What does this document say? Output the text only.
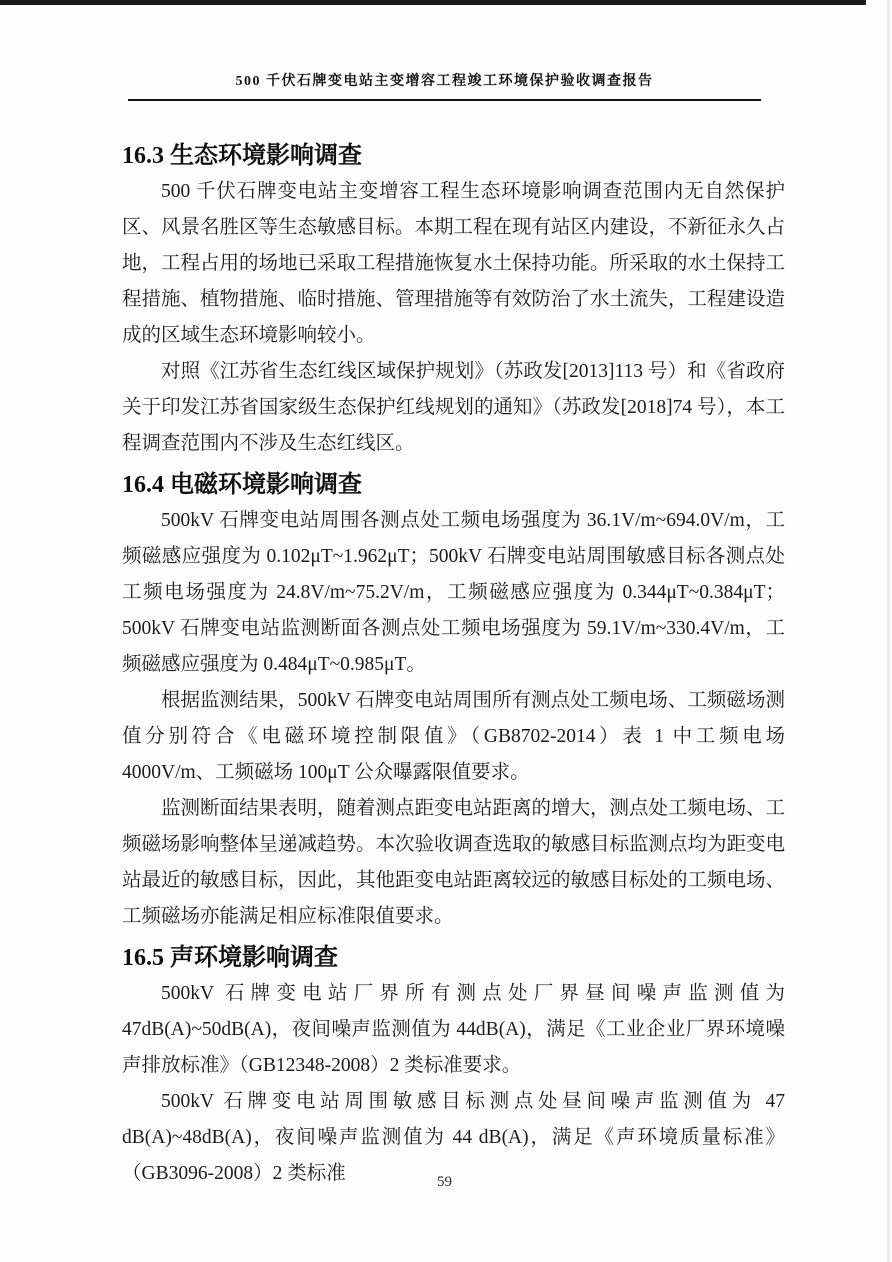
500 千伏石牌变电站主变增容工程竣工环境保护验收调查报告
16.3 生态环境影响调查

500 千伏石牌变电站主变增容工程生态环境影响调查范围内无自然保护区、风景名胜区等生态敏感目标。本期工程在现有站区内建设，不新征永久占地，工程占用的场地已采取工程措施恢复水土保持功能。所采取的水土保持工程措施、植物措施、临时措施、管理措施等有效防治了水土流失，工程建设造成的区域生态环境影响较小。

对照《江苏省生态红线区域保护规划》（苏政发[2013]113 号）和《省政府关于印发江苏省国家级生态保护红线规划的通知》（苏政发[2018]74 号），本工程调查范围内不涉及生态红线区。

16.4 电磁环境影响调查

500kV 石牌变电站周围各测点处工频电场强度为 36.1V/m~694.0V/m，工频磁感应强度为 0.102μT~1.962μT；500kV 石牌变电站周围敏感目标各测点处工频电场强度为 24.8V/m~75.2V/m，工频磁感应强度为 0.344μT~0.384μT；500kV 石牌变电站监测断面各测点处工频电场强度为 59.1V/m~330.4V/m，工频磁感应强度为 0.484μT~0.985μT。

根据监测结果，500kV 石牌变电站周围所有测点处工频电场、工频磁场测值分别符合《电磁环境控制限值》（GB8702-2014）表 1 中工频电场 4000V/m、工频磁场 100μT 公众曝露限值要求。

监测断面结果表明，随着测点距变电站距离的增大，测点处工频电场、工频磁场影响整体呈递减趋势。本次验收调查选取的敏感目标监测点均为距变电站最近的敏感目标，因此，其他距变电站距离较远的敏感目标处的工频电场、工频磁场亦能满足相应标准限值要求。

16.5 声环境影响调查

500kV 石牌变电站厂界所有测点处厂界昼间噪声监测值为 47dB(A)~50dB(A)，夜间噪声监测值为 44dB(A)，满足《工业企业厂界环境噪声排放标准》（GB12348-2008）2 类标准要求。

500kV 石牌变电站周围敏感目标测点处昼间噪声监测值为 47 dB(A)~48dB(A)，夜间噪声监测值为 44 dB(A)，满足《声环境质量标准》（GB3096-2008）2 类标准	59
